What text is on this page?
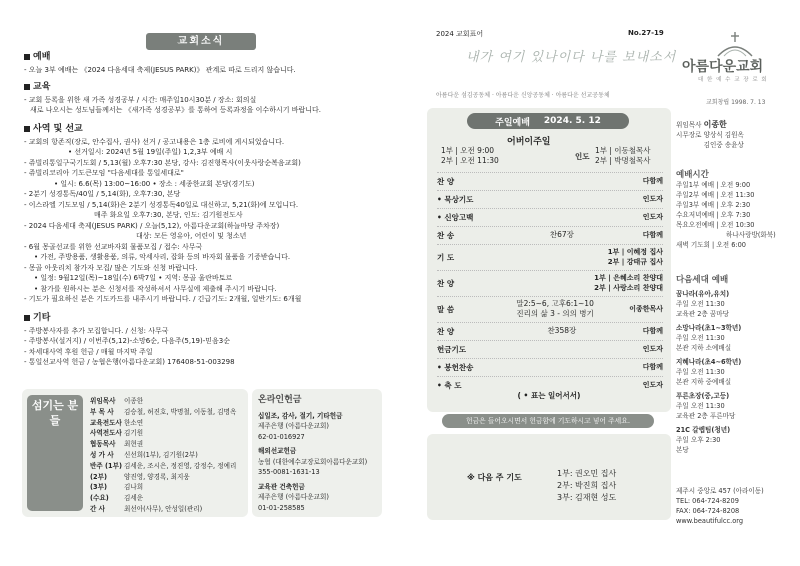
교회소식
예배
- 오늘 3부 예배는 《2024 다음세대 축제(JESUS PARK)》 관계로 따로 드리지 않습니다.
교육
- 교회 등록을 위한 새 가족 성경공부 / 시간: 매주일10시30분 / 장소: 회의실
새로 나오시는 성도님들께서는 《새가족 성경공부》를 통하여 등록과정을 이수하시기 바랍니다.
사역 및 선교
- 교회의 항존직(장로, 안수집사, 권사) 선거 / 공고내용은 1층 로비에 게시되었습니다.
• 선거일시: 2024년 5월 19일(주일) 1,2,3부 예배 시
- 쥬빌리통일구국기도회 / 5,13(월) 오후7:30 본당, 강사: 김진형목사(이웃사랑순복음교회)
- 쥬빌리코리아 기도큰모임 "다음세대를 통일세대로"
• 일시: 6.6(목) 13:00~16:00 • 장소 : 세종한교회 본당(경기도)
- 2분기 성경통독/40일 / 5,14(화), 오후7:30, 본당
- 이스라엘 기도모임 / 5,14(화)은 2분기 성경통독40일로 대신하고, 5,21(화)에 모입니다.
매주 화요일 오후7:30, 본당, 인도: 김기원전도사
- 2024 다음세대 축제(JESUS PARK) / 오늘(5,12), 아름다운교회(하늘마당 주차장)
대상: 모든 영유아, 어린이 및 청소년
- 6월 몽골선교를 위한 선교바자회 물품모집 / 접수: 사무국
• 가전, 주방용품, 생활용품, 의류, 악세사리, 잡화 등의 바자회 물품을 기증받습니다.
- 몽골 아웃리치 참가자 모집/ 많은 기도와 신청 바랍니다.
• 일정: 9월12일(목)~18일(수) 6박7일 • 지역: 몽골 울란바토르
• 참가를 원하시는 분은 신청서를 작성하셔서 사무실에 제출해 주시기 바랍니다.
- 기도가 필요하신 분은 기도카드를 내주시기 바랍니다. / 긴급기도: 2개월, 일반기도: 6개월
기타
- 주방봉사자를 추가 모집합니다. / 신청: 사무국
- 주방봉사(설거지) / 이번주(5,12)-소망6순, 다음주(5,19)-믿음3순
- 차세대사역 후원 헌금 / 매월 마지막 주일
- 통일선교사역 헌금 / 농협은행(아름다운교회) 176408-51-003298
섬기는 분들
위임목사	이종한
부 목 사	김승철, 허진호, 박명철, 이동철, 김명옥
교육전도사 한소연
사역전도사 김기원
협동목사	최현권
성 가 사	신선희(1부), 김기원(2부)
반주 (1부) 김세운, 조시은, 정진영, 강정수, 정예리
(2부)	양진영, 양경록, 최지웅
(3부)	김나희
(수요)	김세운
간 사	최선아(사무), 안성일(관리)
온라인헌금
십일조, 감사, 절기, 기타헌금
제주은행 (아름다운교회)
62-01-016927
해외선교헌금
농협 (대한예수교장로회아름다운교회)
355-0081-1631-13
교육관 건축헌금
제주은행 (아름다운교회)
01-01-258585
2024 교회표어	No.27-19
내가 여기 있나이다 나를 보내소서
아름다운 섬김공동체 · 아름다운 신앙공동체 · 아름다운 선교공동체
주일예배 2024. 5. 12
어버이주일
1부 | 오전 9:00
2부 | 오전 11:30	인도
1부 | 이동철목사
2부 | 박명철목사
찬 양	다함께
• 묵상기도	인도자
• 신앙고백	인도자
찬 송	찬67장	다함께
기 도
1부 | 이혜정 집사
2부 | 강태규 집사
찬 양
1부 | 은혜소리 찬양대
2부 | 사랑소리 찬양대
말 씀
말2:5~6, 고후6:1~10
진리의 삶 3 - 의의 병기	이종한목사
찬 양	찬358장	다함께
헌금기도	인도자
• 봉헌찬송	다함께
• 축 도	인도자
( • 표는 일어서서)
헌금은 들어오시면서 헌금함에 기도하시고 넣어 주세요.
※ 다음 주 기도	1부: 권오민 집사
2부: 박진희 집사
3부: 김재현 성도
아름다운교회
대 한 예 수 교 장 로 회
교회창립 1998. 7. 13
위임목사 이종한
시무장로
양상식 김원옥
김인중 송윤상
예배시간
주일1부 예배 | 오전 9:00
주일2부 예배 | 오전 11:30
주일3부 예배 | 오후 2:30
수요저녁예배 | 오후 7:30
목요오전예배 | 오전 10:30
하나사랑방(화북)
새벽 기도회 | 오전 6:00
다음세대 예배
꿈나라(유아,유치)
주일 오전 11:30
교육관 2층 꿈마당
소망나라(초1~3학년)
주일 오전 11:30
본관 지하 소예배실
지혜나라(초4~6학년)
주일 오전 11:30
본관 지하 중예배실
푸른초장(중,고등)
주일 오전 11:30
교육관 2층 푸른마당
21C 갈렙팀(청년)
주일 오후 2:30
본당
제주시 중앙로 457 (아라이동)
TEL: 064-724-8209
FAX: 064-724-8208
www.beautifulcc.org
